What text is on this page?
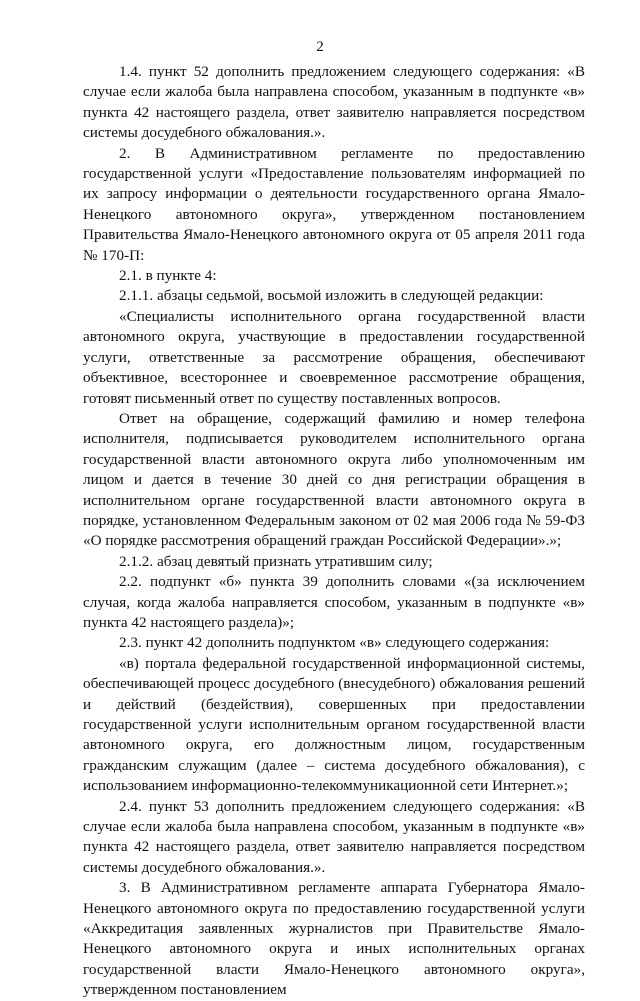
2

1.4. пункт 52 дополнить предложением следующего содержания: «В случае если жалоба была направлена способом, указанным в подпункте «в» пункта 42 настоящего раздела, ответ заявителю направляется посредством системы досудебного обжалования.».

2. В Административном регламенте по предоставлению государственной услуги «Предоставление пользователям информацией по их запросу информации о деятельности государственного органа Ямало-Ненецкого автономного округа», утвержденном постановлением Правительства Ямало-Ненецкого автономного округа от 05 апреля 2011 года № 170-П:

2.1. в пункте 4:

2.1.1. абзацы седьмой, восьмой изложить в следующей редакции:

«Специалисты исполнительного органа государственной власти автономного округа, участвующие в предоставлении государственной услуги, ответственные за рассмотрение обращения, обеспечивают объективное, всестороннее и своевременное рассмотрение обращения, готовят письменный ответ по существу поставленных вопросов.

Ответ на обращение, содержащий фамилию и номер телефона исполнителя, подписывается руководителем исполнительного органа государственной власти автономного округа либо уполномоченным им лицом и дается в течение 30 дней со дня регистрации обращения в исполнительном органе государственной власти автономного округа в порядке, установленном Федеральным законом от 02 мая 2006 года № 59-ФЗ «О порядке рассмотрения обращений граждан Российской Федерации».»;

2.1.2. абзац девятый признать утратившим силу;

2.2. подпункт «б» пункта 39 дополнить словами «(за исключением случая, когда жалоба направляется способом, указанным в подпункте «в» пункта 42 настоящего раздела)»;

2.3. пункт 42 дополнить подпунктом «в» следующего содержания:

«в) портала федеральной государственной информационной системы, обеспечивающей процесс досудебного (внесудебного) обжалования решений и действий (бездействия), совершенных при предоставлении государственной услуги исполнительным органом государственной власти автономного округа, его должностным лицом, государственным гражданским служащим (далее – система досудебного обжалования), с использованием информационно-телекоммуникационной сети Интернет.»;

2.4. пункт 53 дополнить предложением следующего содержания: «В случае если жалоба была направлена способом, указанным в подпункте «в» пункта 42 настоящего раздела, ответ заявителю направляется посредством системы досудебного обжалования.».

3. В Административном регламенте аппарата Губернатора Ямало-Ненецкого автономного округа по предоставлению государственной услуги «Аккредитация заявленных журналистов при Правительстве Ямало-Ненецкого автономного округа и иных исполнительных органах государственной власти Ямало-Ненецкого автономного округа», утвержденном постановлением
